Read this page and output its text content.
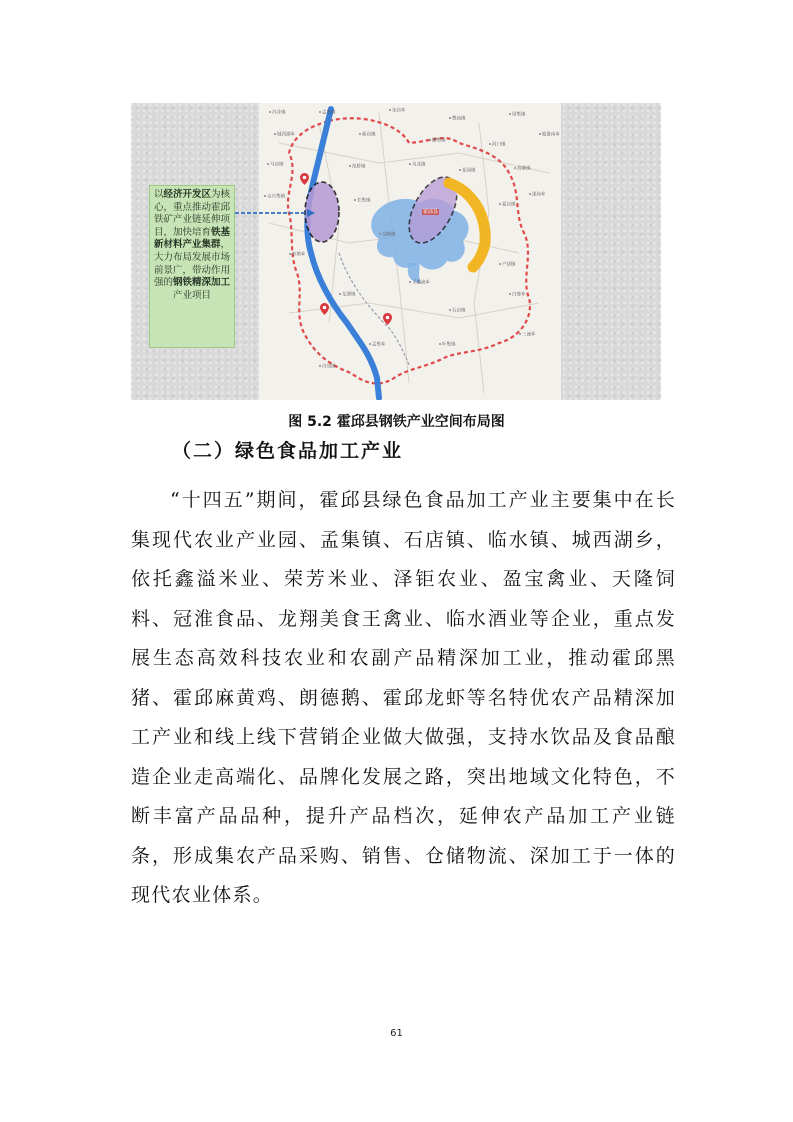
以经济开发区为核心，重点推动霍邱铁矿产业链延伸项目，加快培育铁基新材料产业集群，大力布局发展市场前景广，带动作用强的钢铁精深加工产业项目
霍邱县
冯井镇	孟集镇	宋店乡
曹庙镇
周集镇
城西湖乡	新店镇
潘集镇
河口镇
临淮岗乡
马店镇	范桥镇	乌龙镇
高塘镇
花园镇
众兴集镇
长集镇
夏店镇
邵岗乡
岔路镇
彭塔乡
王截流乡
户胡镇
龙潭镇
石店镇
白莲乡
孟集乡	叶集镇
三流乡
冯瓴镇
图 5.2 霍邱县钢铁产业空间布局图
（二）绿色食品加工产业
“十四五”期间，霍邱县绿色食品加工产业主要集中在长集现代农业产业园、孟集镇、石店镇、临水镇、城西湖乡，依托鑫溢米业、荣芳米业、泽钜农业、盈宝禽业、天隆饲料、冠淮食品、龙翔美食王禽业、临水酒业等企业，重点发展生态高效科技农业和农副产品精深加工业，推动霍邱黑猪、霍邱麻黄鸡、朗德鹅、霍邱龙虾等名特优农产品精深加工产业和线上线下营销企业做大做强，支持水饮品及食品酿造企业走高端化、品牌化发展之路，突出地域文化特色，不断丰富产品品种，提升产品档次，延伸农产品加工产业链条，形成集农产品采购、销售、仓储物流、深加工于一体的现代农业体系。
61
